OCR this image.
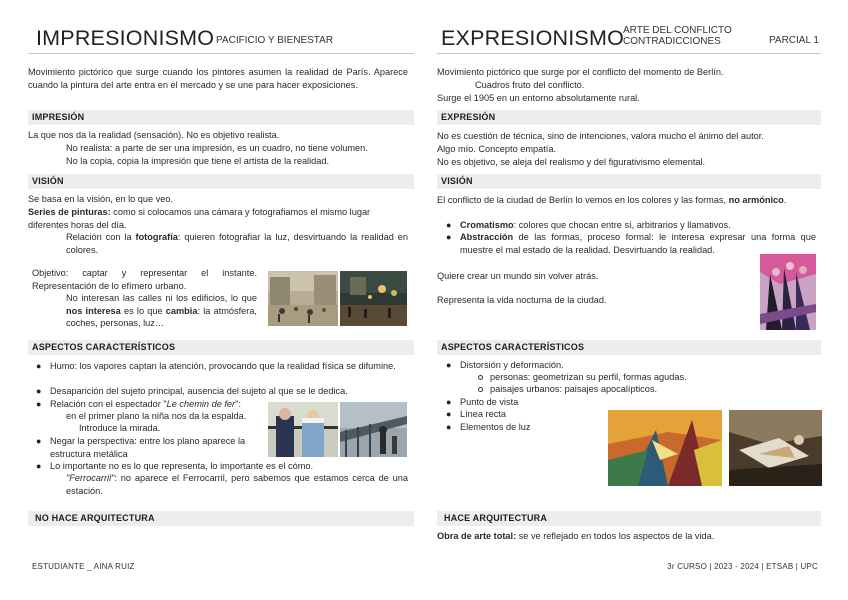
IMPRESIONISMO PACIFICIO Y BIENESTAR
Movimiento pictórico que surge cuando los pintores asumen la realidad de París. Aparece cuando la pintura del arte entra en el mercado y se une para hacer exposiciones.
IMPRESIÓN
La que nos da la realidad (sensación). No es objetivo realista.
No realista: a parte de ser una impresión, es un cuadro, no tiene volumen.
No la copia, copia la impresión que tiene el artista de la realidad.
VISIÓN
Se basa en la visión, en lo que veo.
Series de pinturas: como si colocamos una cámara y fotografiamos el mismo lugar diferentes horas del día.
Relación con la fotografía: quieren fotografiar la luz, desvirtuando la realidad en colores.
Objetivo: captar y representar el instante. Representación de lo efímero urbano.
No interesan las calles ni los edificios, lo que nos interesa es lo que cambia: la atmósfera, coches, personas, luz…
ASPECTOS CARACTERÍSTICOS
● Humo: los vapores captan la atención, provocando que la realidad física se difumine.
● Desaparición del sujeto principal, ausencia del sujeto al que se le dedica.
● Relación con el espectador "Le chemin de fer":
en el primer plano la niña nos da la espalda.
Introduce la mirada.
● Negar la perspectiva: entre los plano aparece la estructura metálica
● Lo importante no es lo que representa, lo importante es el cómo.
"Ferrocarril": no aparece el Ferrocarril, pero sabemos que estamos cerca de una estación.
NO HACE ARQUITECTURA
ESTUDIANTE _ AINA RUIZ
EXPRESIONISMO ARTE DEL CONFLICTO
CONTRADICCIONES	PARCIAL 1
Movimiento pictórico que surge por el conflicto del momento de Berlín.
Cuadros fruto del conflicto.
Surge el 1905 en un entorno absolutamente rural.
EXPRESIÓN
No es cuestión de técnica, sino de intenciones, valora mucho el ánimo del autor.
Algo mío. Concepto empatía.
No es objetivo, se aleja del realismo y del figurativismo elemental.
VISIÓN
El conflicto de la ciudad de Berlín lo vemos en los colores y las formas, no armónico.
● Cromatismo: colores que chocan entre sí, arbitrarios y llamativos.
● Abstracción de las formas, proceso formal: le interesa expresar una forma que muestre el mal estado de la realidad. Desvirtuando la realidad.
Quiere crear un mundo sin volver atrás.
Representa la vida nocturna de la ciudad.
ASPECTOS CARACTERÍSTICOS
● Distorsión y deformación.
personas: geometrizan su perfil, formas agudas.
paisajes urbanos: paisajes apocalípticos.
● Punto de vista
● Línea recta
● Elementos de luz
HACE ARQUITECTURA
Obra de arte total: se ve reflejado en todos los aspectos de la vida.
3r CURSO | 2023 - 2024 | ETSAB | UPC
